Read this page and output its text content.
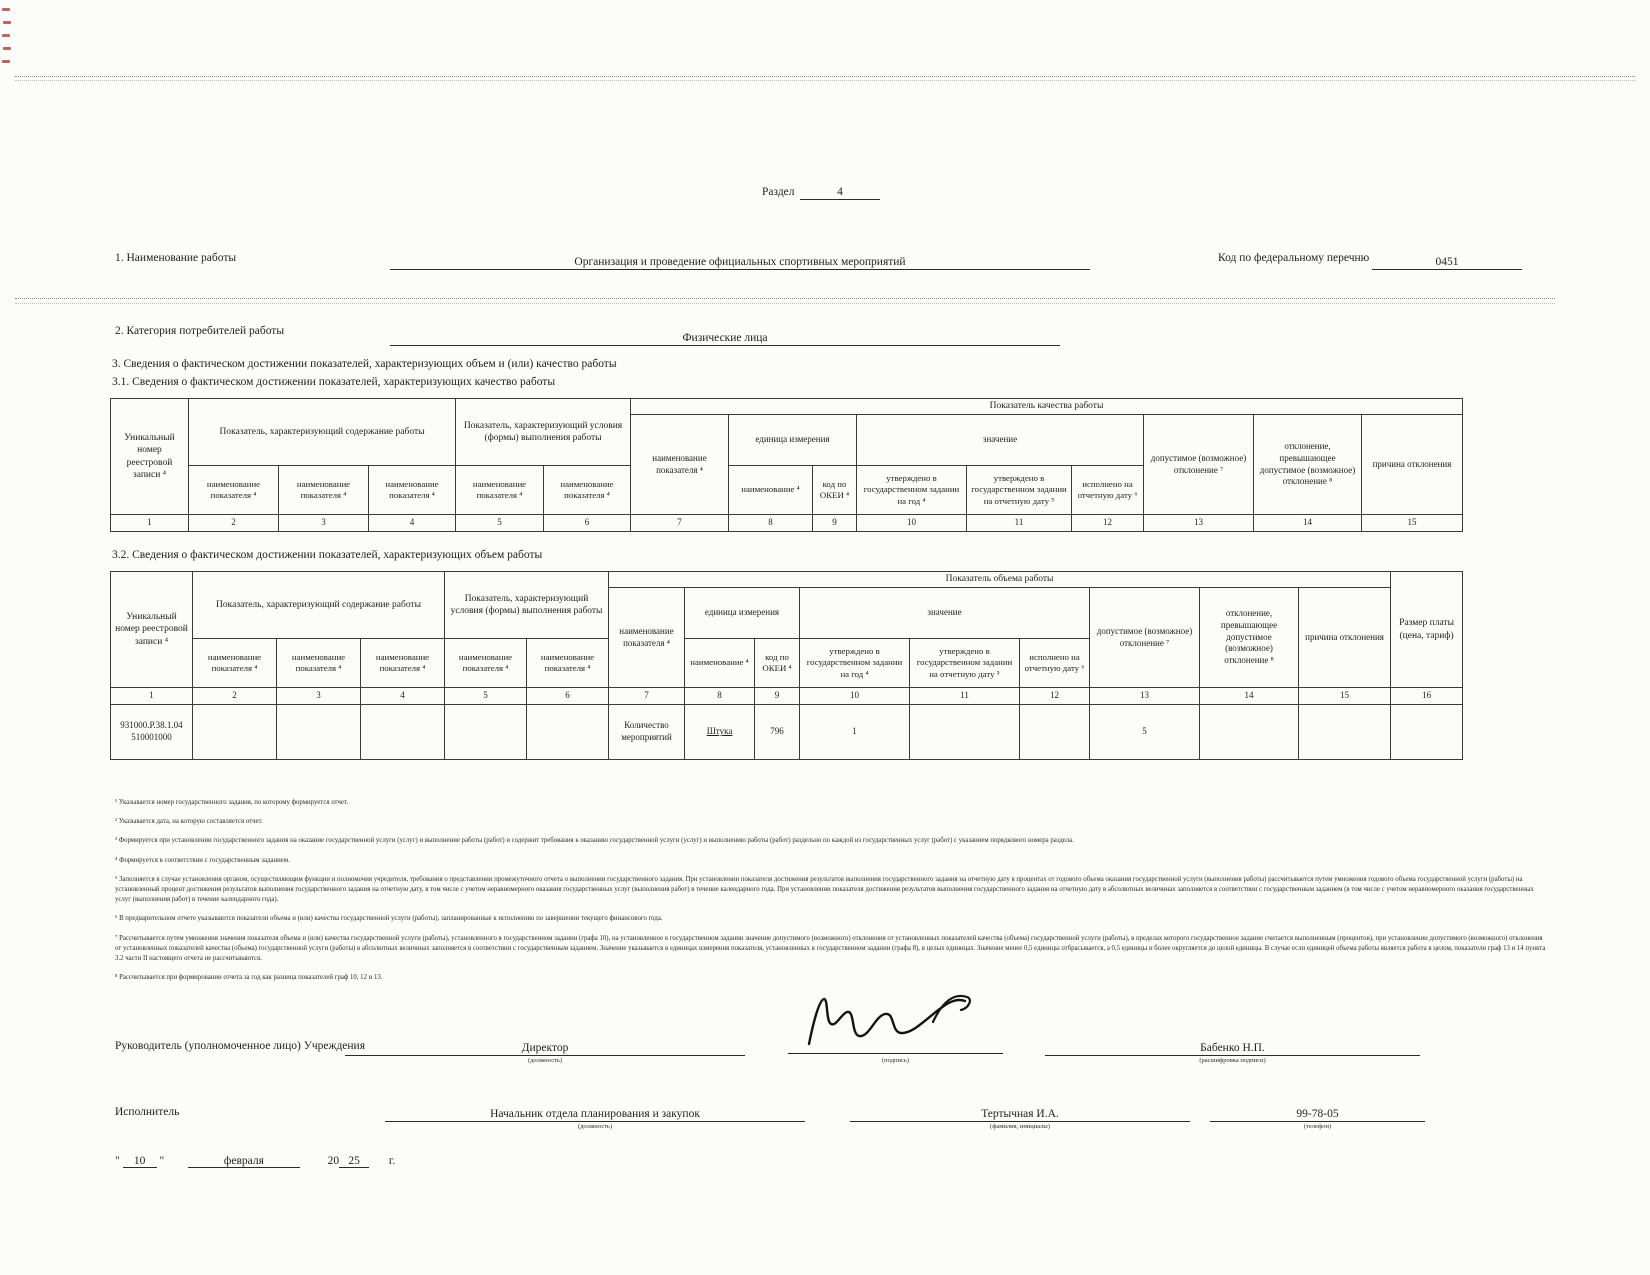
Раздел	4
1. Наименование работы	Организация и проведение официальных спортивных мероприятий	Код по федеральному перечню	0451
2. Категория потребителей работы
Физические лица
3. Сведения о фактическом достижении показателей, характеризующих объем и (или) качество работы
3.1. Сведения о фактическом достижении показателей, характеризующих качество работы
Уникальный номер реестровой записи ⁴	Показатель, характеризующий содержание работы			Показатель, характеризующий условия (формы) выполнения работы		Показатель качества работы								
						наименование показателя ⁴	единица измерения		значение			допустимое (возможное) отклонение ⁷	отклонение, превышающее допустимое (возможное) отклонение ⁸	причина отклонения
	наименование показателя ⁴	наименование показателя ⁴	наименование показателя ⁴	наименование показателя ⁴	наименование показателя ⁴		наименование ⁴	код по ОКЕИ ⁴	утверждено в государственном задании на год ⁴	утверждено в государственном задании на отчетную дату ⁵	исполнено на отчетную дату ⁶			
1	2	3	4	5	6	7	8	9	10	11	12	13	14	15
3.2. Сведения о фактическом достижении показателей, характеризующих объем работы
Уникальный номер реестровой записи ⁴	Показатель, характеризующий содержание работы			Показатель, характеризующий условия (формы) выполнения работы		Показатель объема работы									Размер платы (цена, тариф)
						наименование показателя ⁴	единица измерения		значение			допустимое (возможное) отклонение ⁷	отклонение, превышающее допустимое (возможное) отклонение ⁸	причина отклонения	
	наименование показателя ⁴	наименование показателя ⁴	наименование показателя ⁴	наименование показателя ⁴	наименование показателя ⁴		наименование ⁴	код по ОКЕИ ⁴	утверждено в государственном задании на год ⁴	утверждено в государственном задании на отчетную дату ⁵	исполнено на отчетную дату ⁶				
1	2	3	4	5	6	7	8	9	10	11	12	13	14	15	16
931000.Р.38.1.04 510001000						Количество мероприятий	Штука	796	1			5			
¹ Указывается номер государственного задания, по которому формируется отчет.
² Указывается дата, на которую составляется отчет.
³ Формируется при установлении государственного задания на оказание государственной услуги (услуг) и выполнение работы (работ) и содержит требования к оказанию государственной услуги (услуг) и выполнению работы (работ) раздельно по каждой из государственных услуг (работ) с указанием порядкового номера раздела.
⁴ Формируется в соответствии с государственным заданием.
⁵ Заполняется в случае установления органом, осуществляющим функции и полномочия учредителя, требования о представлении промежуточного отчета о выполнении государственного задания. При установлении показателя достижения результатов выполнения государственного задания на отчетную дату в процентах от годового объема оказания государственной услуги (выполнения работы) рассчитывается путем умножения годового объема государственной услуги (работы) на установленный процент достижения результатов выполнения государственного задания на отчетную дату, в том числе с учетом неравномерного оказания государственных услуг (выполнения работ) в течение календарного года. При установлении показателя достижения результатов выполнения государственного задания на отчетную дату в абсолютных величинах заполняется в соответствии с государственным заданием (в том числе с учетом неравномерного оказания государственных услуг (выполнения работ) в течение календарного года).
⁶ В предварительном отчете указываются показатели объема и (или) качества государственной услуги (работы), запланированные к исполнению по завершении текущего финансового года.
⁷ Рассчитывается путем умножения значения показателя объема и (или) качества государственной услуги (работы), установленного в государственном задании (графа 10), на установленное в государственном задании значение допустимого (возможного) отклонения от установленных показателей качества (объема) государственной услуги (работы), в пределах которого государственное задание считается выполненным (процентов), при установлении допустимого (возможного) отклонения от установленных показателей качества (объема) государственной услуги (работы) в абсолютных величинах заполняется в соответствии с государственным заданием. Значение указывается в единицах измерения показателя, установленных в государственном задании (графа 8), в целых единицах. Значение менее 0,5 единицы отбрасывается, а 0,5 единицы и более округляется до целой единицы. В случае если единицей объема работы является работа в целом, показатели граф 13 и 14 пункта 3.2 части II настоящего отчета не рассчитываются.
⁸ Рассчитывается при формировании отчета за год как разница показателей граф 10, 12 и 13.
Руководитель (уполномоченное лицо) Учреждения	Директор
(должность)	(подпись)
Бабенко Н.П.
(расшифровка подписи)
Исполнитель	Начальник отдела планирования и закупок
(должность)
Тертычная И.А.
(фамилия, инициалы)
99-78-05
(телефон)
" 10 "	февраля	20 25	г.
